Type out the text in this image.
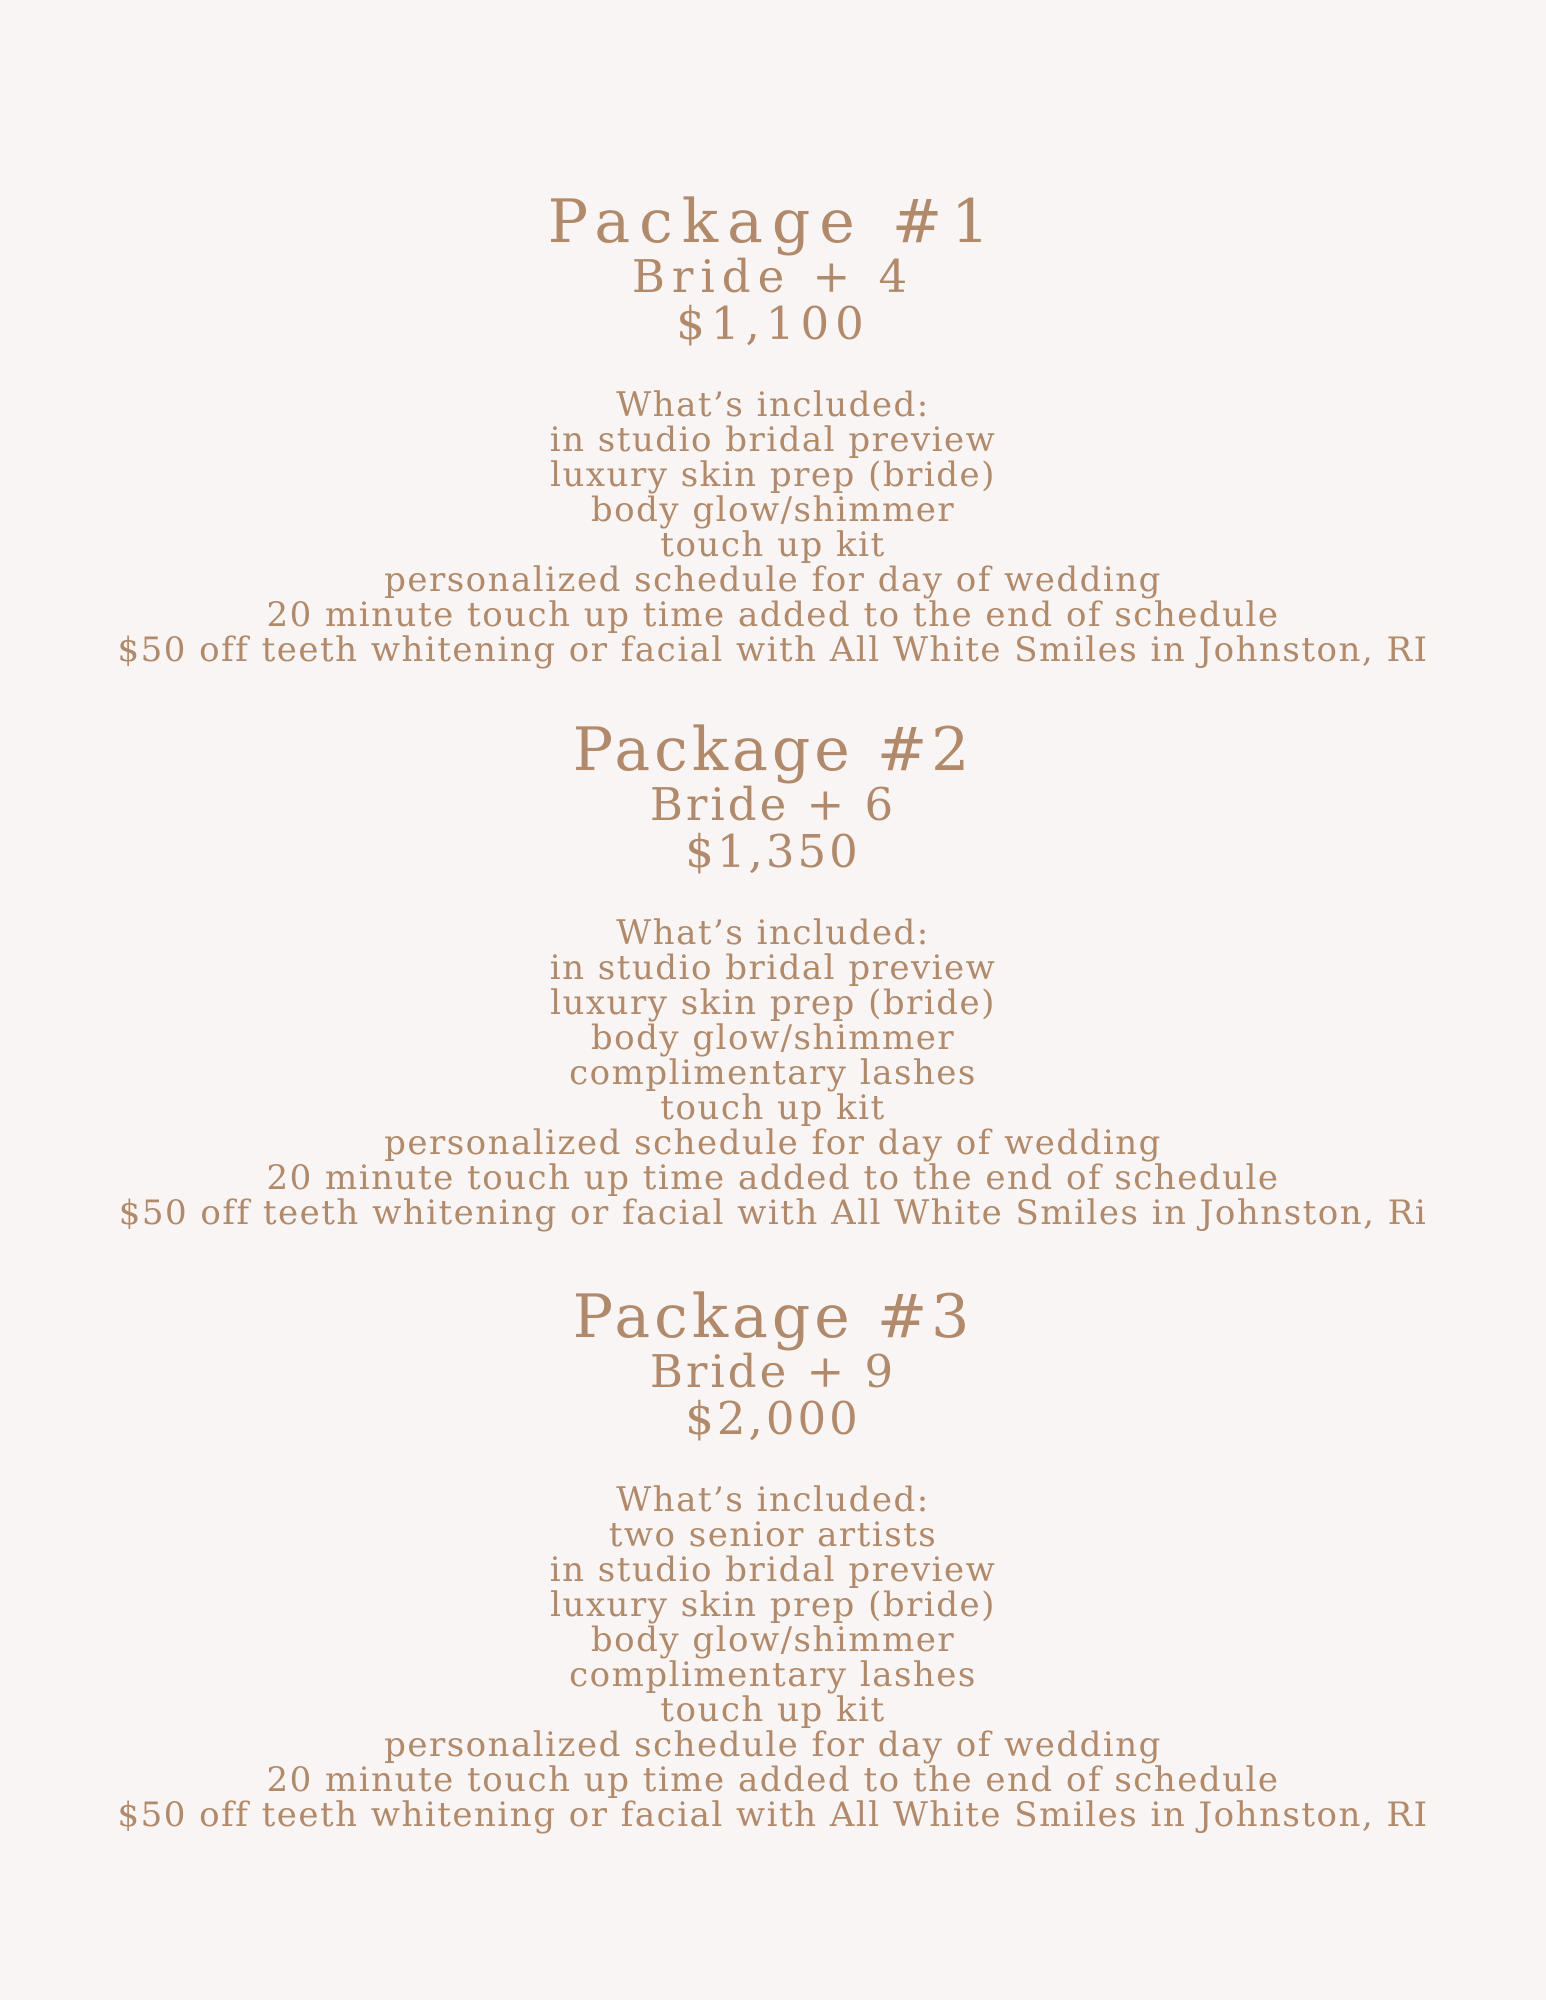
Package #1

Bride + 4

$1,100

What’s included:

in studio bridal preview
luxury skin prep (bride)
body glow/shimmer
touch up kit
personalized schedule for day of wedding
20 minute touch up time added to the end of schedule
$50 off teeth whitening or facial with All White Smiles in Johnston, RI
Package #2

Bride + 6

$1,350

What’s included:

in studio bridal preview
luxury skin prep (bride)
body glow/shimmer
complimentary lashes
touch up kit
personalized schedule for day of wedding
20 minute touch up time added to the end of schedule
$50 off teeth whitening or facial with All White Smiles in Johnston, Ri
Package #3

Bride + 9

$2,000

What’s included:

two senior artists
in studio bridal preview
luxury skin prep (bride)
body glow/shimmer
complimentary lashes
touch up kit
personalized schedule for day of wedding
20 minute touch up time added to the end of schedule
$50 off teeth whitening or facial with All White Smiles in Johnston, RI
